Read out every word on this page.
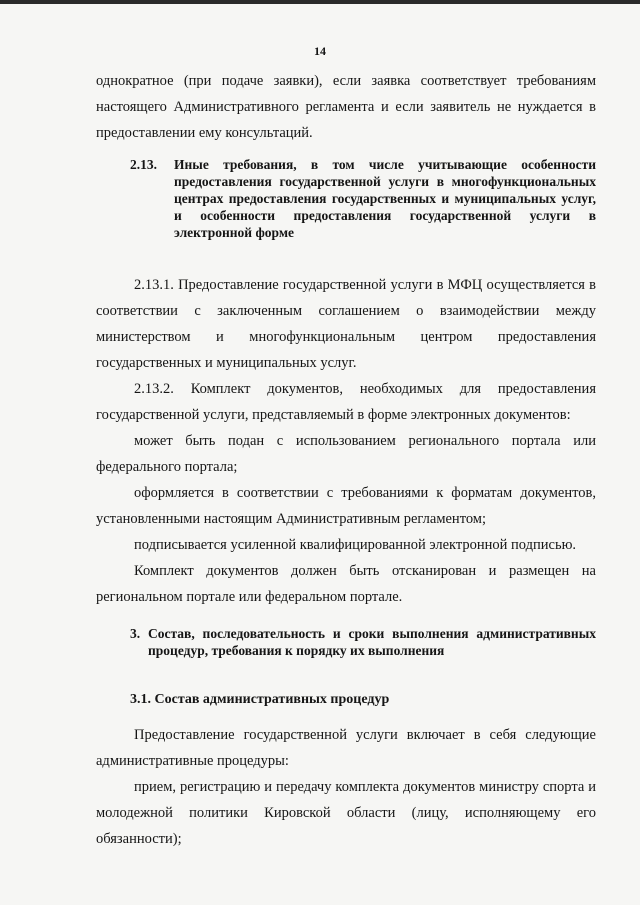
14

однократное (при подаче заявки), если заявка соответствует требованиям настоящего Административного регламента и если заявитель не нуждается в предоставлении ему консультаций.

2.13. Иные требования, в том числе учитывающие особенности предоставления государственной услуги в многофункциональных центрах предоставления государственных и муниципальных услуг, и особенности предоставления государственной услуги в электронной форме

2.13.1. Предоставление государственной услуги в МФЦ осуществляется в соответствии с заключенным соглашением о взаимодействии между министерством и многофункциональным центром предоставления государственных и муниципальных услуг.

2.13.2. Комплект документов, необходимых для предоставления государственной услуги, представляемый в форме электронных документов:

может быть подан с использованием регионального портала или федерального портала;

оформляется в соответствии с требованиями к форматам документов, установленными настоящим Административным регламентом;

подписывается усиленной квалифицированной электронной подписью.

Комплект документов должен быть отсканирован и размещен на региональном портале или федеральном портале.

3. Состав, последовательность и сроки выполнения административных процедур, требования к порядку их выполнения
3.1. Состав административных процедур

Предоставление государственной услуги включает в себя следующие административные процедуры:

прием, регистрацию и передачу комплекта документов министру спорта и молодежной политики Кировской области (лицу, исполняющему его обязанности);
